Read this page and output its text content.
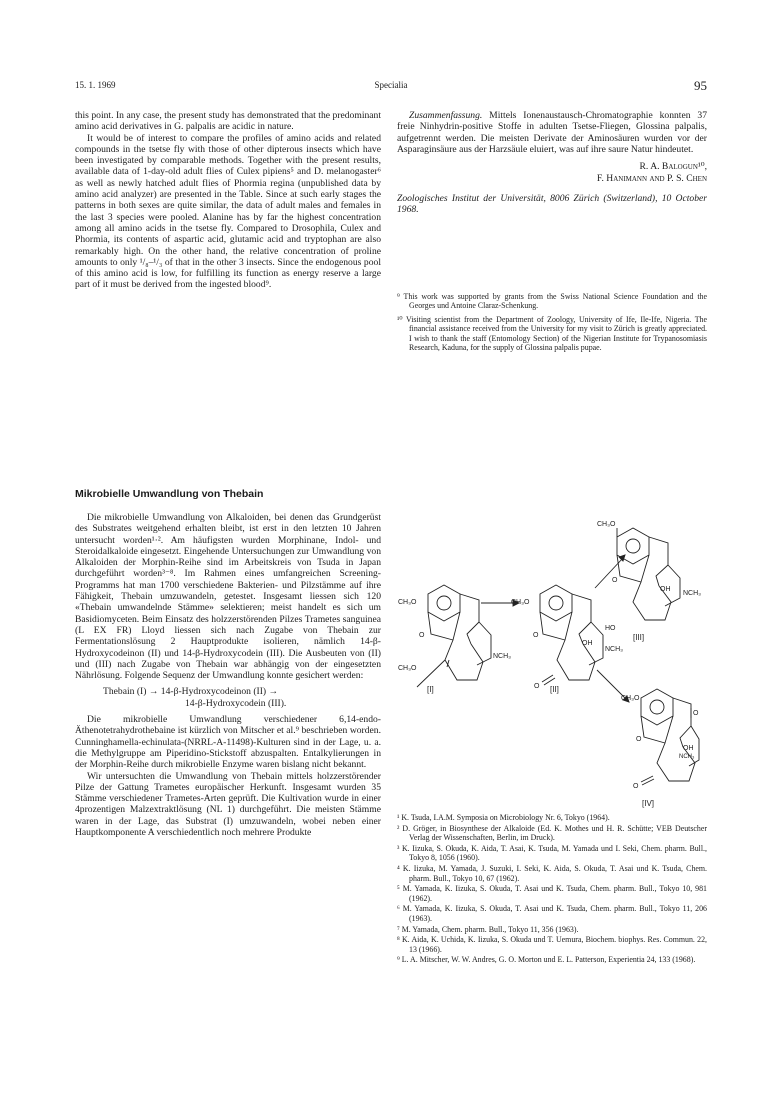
15. 1. 1969	Specialia	95

this point. In any case, the present study has demonstrated that the predominant amino acid derivatives in G. palpalis are acidic in nature.

It would be of interest to compare the profiles of amino acids and related compounds in the tsetse fly with those of other dipterous insects which have been investigated by comparable methods. Together with the present results, available data of 1-day-old adult flies of Culex pipiens⁵ and D. melanogaster⁶ as well as newly hatched adult flies of Phormia regina (unpublished data by amino acid analyzer) are presented in the Table. Since at such early stages the patterns in both sexes are quite similar, the data of adult males and females in the last 3 species were pooled. Alanine has by far the highest concentration among all amino acids in the tsetse fly. Compared to Drosophila, Culex and Phormia, its contents of aspartic acid, glutamic acid and tryptophan are also remarkably high. On the other hand, the relative concentration of proline amounts to only ¹/₈–¹/₃ of that in the other 3 insects. Since the endogenous pool of this amino acid is low, for fulfilling its function as energy reserve a large part of it must be derived from the ingested blood⁹.

Zusammenfassung. Mittels Ionenaustausch-Chromatographie konnten 37 freie Ninhydrin-positive Stoffe in adulten Tsetse-Fliegen, Glossina palpalis, aufgetrennt werden. Die meisten Derivate der Aminosäuren wurden vor der Asparaginsäure aus der Harzsäule eluiert, was auf ihre saure Natur hindeutet.

R. A. Balogun¹⁰,
F. Hanimann and P. S. Chen

Zoologisches Institut der Universität, 8006 Zürich (Switzerland), 10 October 1968.

⁹ This work was supported by grants from the Swiss National Science Foundation and the Georges und Antoine Claraz-Schenkung.

¹⁰ Visiting scientist from the Department of Zoology, University of Ife, Ile-Ife, Nigeria. The financial assistance received from the University for my visit to Zürich is greatly appreciated. I wish to thank the staff (Entomology Section) of the Nigerian Institute for Trypanosomiasis Research, Kaduna, for the supply of Glossina palpalis pupae.

Mikrobielle Umwandlung von Thebain

Die mikrobielle Umwandlung von Alkaloiden, bei denen das Grundgerüst des Substrates weitgehend erhalten bleibt, ist erst in den letzten 10 Jahren untersucht worden¹·². Am häufigsten wurden Morphinane, Indol- und Steroidalkaloide eingesetzt. Eingehende Untersuchungen zur Umwandlung von Alkaloiden der Morphin-Reihe sind im Arbeitskreis von Tsuda in Japan durchgeführt worden³⁻⁸. Im Rahmen eines umfangreichen Screening-Programms hat man 1700 verschiedene Bakterien- und Pilzstämme auf ihre Fähigkeit, Thebain umzuwandeln, getestet. Insgesamt liessen sich 120 «Thebain umwandelnde Stämme» selektieren; meist handelt es sich um Basidiomyceten. Beim Einsatz des holzzerstörenden Pilzes Trametes sanguinea (L EX FR) Lloyd liessen sich nach Zugabe von Thebain zur Fermentationslösung 2 Hauptprodukte isolieren, nämlich 14-β-Hydroxycodeinon (II) und 14-β-Hydroxycodein (III). Die Ausbeuten von (II) und (III) nach Zugabe von Thebain war abhängig von der eingesetzten Nährlösung. Folgende Sequenz der Umwandlung konnte gesichert werden:

Thebain (I) → 14-β-Hydroxycodeinon (II) →
14-β-Hydroxycodein (III).

Die mikrobielle Umwandlung verschiedener 6,14-endo-Äthenotetrahydrothebaine ist kürzlich von Mitscher et al.⁹ beschrieben worden. Cunninghamella-echinulata-(NRRL-A-11498)-Kulturen sind in der Lage, u. a. die Methylgruppe am Piperidino-Stickstoff abzuspalten. Entalkylierungen in der Morphin-Reihe durch mikrobielle Enzyme waren bislang nicht bekannt.

Wir untersuchten die Umwandlung von Thebain mittels holzzerstörender Pilze der Gattung Trametes europäischer Herkunft. Insgesamt wurden 35 Stämme verschiedener Trametes-Arten geprüft. Die Kultivation wurde in einer 4prozentigen Malzextraktlösung (NL 1) durchgeführt. Die meisten Stämme waren in der Lage, das Substrat (I) umzuwandeln, wobei neben einer Hauptkomponente A verschiedentlich noch mehrere Produkte

CH₃O
O
NCH₃
CH₃O
[I]
CH₃O
O
OH
NCH₃
O [II]
CH₃O
O
OH
NCH₃
HO
[III]
CH₃O
O
O
OH
NCH₃
O
[IV]

¹ K. Tsuda, I.A.M. Symposia on Microbiology Nr. 6, Tokyo (1964).

² D. Gröger, in Biosynthese der Alkaloide (Ed. K. Mothes und H. R. Schütte; VEB Deutscher Verlag der Wissenschaften, Berlin, im Druck).

³ K. Iizuka, S. Okuda, K. Aida, T. Asai, K. Tsuda, M. Yamada und I. Seki, Chem. pharm. Bull., Tokyo 8, 1056 (1960).

⁴ K. Iizuka, M. Yamada, J. Suzuki, I. Seki, K. Aida, S. Okuda, T. Asai und K. Tsuda, Chem. pharm. Bull., Tokyo 10, 67 (1962).

⁵ M. Yamada, K. Iizuka, S. Okuda, T. Asai und K. Tsuda, Chem. pharm. Bull., Tokyo 10, 981 (1962).

⁶ M. Yamada, K. Iizuka, S. Okuda, T. Asai und K. Tsuda, Chem. pharm. Bull., Tokyo 11, 206 (1963).

⁷ M. Yamada, Chem. pharm. Bull., Tokyo 11, 356 (1963).

⁸ K. Aida, K. Uchida, K. Iizuka, S. Okuda und T. Uemura, Biochem. biophys. Res. Commun. 22, 13 (1966).

⁹ L. A. Mitscher, W. W. Andres, G. O. Morton und E. L. Patterson, Experientia 24, 133 (1968).
